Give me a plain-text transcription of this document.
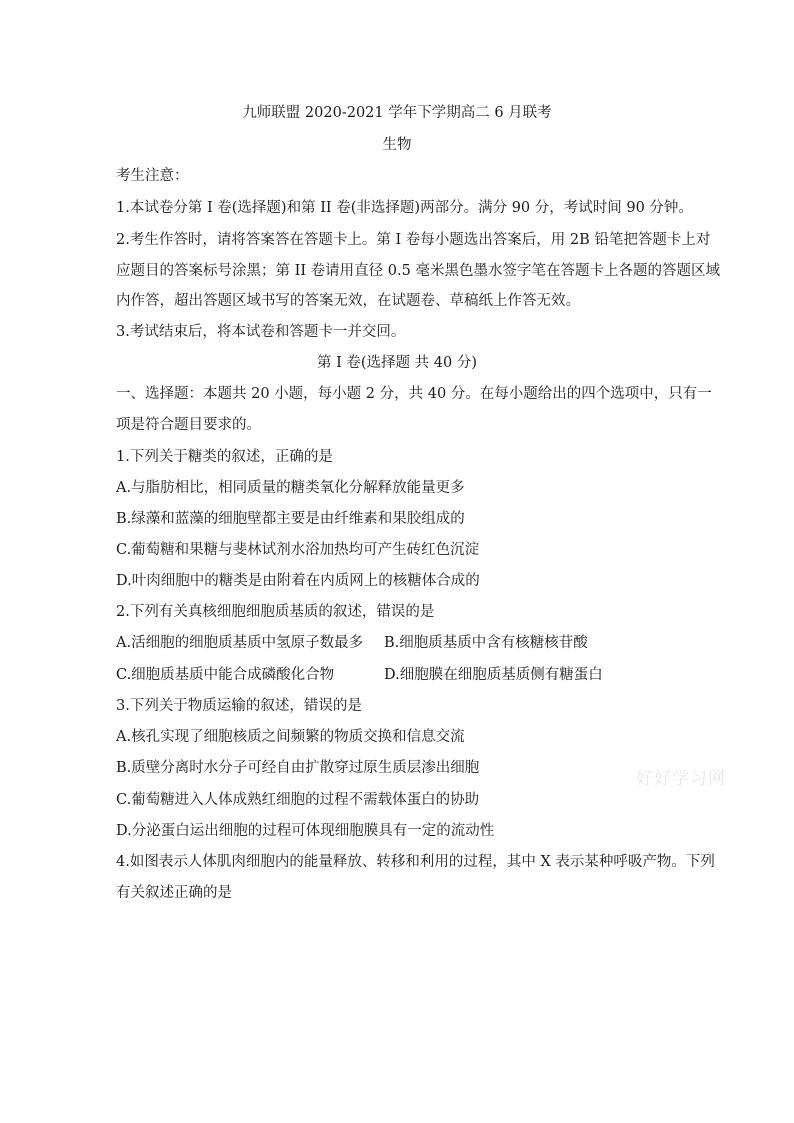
九师联盟 2020-2021 学年下学期高二 6 月联考
生物
考生注意：
1.本试卷分第 I 卷(选择题)和第 II 卷(非选择题)两部分。满分 90 分，考试时间 90 分钟。
2.考生作答时，请将答案答在答题卡上。第 I 卷每小题选出答案后，用 2B 铅笔把答题卡上对
应题目的答案标号涂黑；第 II 卷请用直径 0.5 毫米黑色墨水签字笔在答题卡上各题的答题区域
内作答，超出答题区域书写的答案无效，在试题卷、草稿纸上作答无效。
3.考试结束后，将本试卷和答题卡一并交回。
第 I 卷(选择题 共 40 分)
一、选择题：本题共 20 小题，每小题 2 分，共 40 分。在每小题给出的四个选项中，只有一
项是符合题目要求的。
1.下列关于糖类的叙述，正确的是
A.与脂肪相比，相同质量的糖类氧化分解释放能量更多
B.绿藻和蓝藻的细胞壁都主要是由纤维素和果胶组成的
C.葡萄糖和果糖与斐林试剂水浴加热均可产生砖红色沉淀
D.叶肉细胞中的糖类是由附着在内质网上的核糖体合成的
2.下列有关真核细胞细胞质基质的叙述，错误的是
A.活细胞的细胞质基质中氢原子数最多 B.细胞质基质中含有核糖核苷酸
C.细胞质基质中能合成磷酸化合物	D.细胞膜在细胞质基质侧有糖蛋白
3.下列关于物质运输的叙述，错误的是
A.核孔实现了细胞核质之间频繁的物质交换和信息交流
B.质壁分离时水分子可经自由扩散穿过原生质层渗出细胞
C.葡萄糖进入人体成熟红细胞的过程不需载体蛋白的协助
D.分泌蛋白运出细胞的过程可体现细胞膜具有一定的流动性
4.如图表示人体肌肉细胞内的能量释放、转移和利用的过程，其中 X 表示某种呼吸产物。下列
有关叙述正确的是
好好学习网
